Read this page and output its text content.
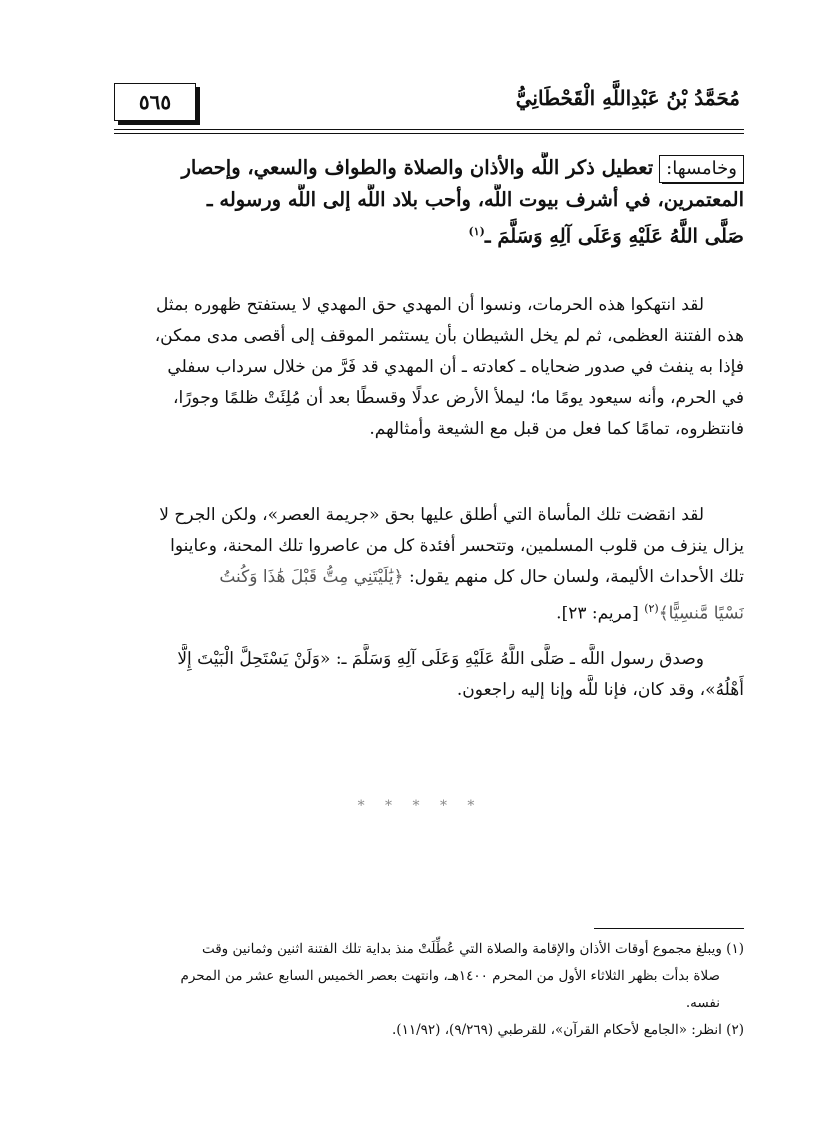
مُحَمَّدُ بْنُ عَبْدِاللَّهِ الْقَحْطَانِيُّ
٥٦٥
وخامسها:تعطيل ذكر اللَّه والأذان والصلاة والطواف والسعي، وإحصار
المعتمرين، في أشرف بيوت اللَّه، وأحب بلاد اللَّه إلى اللَّه ورسوله ـ
صَلَّى اللَّهُ عَلَيْهِ وَعَلَى آلِهِ وَسَلَّمَ ـ$^{(١)}$
لقد انتهكوا هذه الحرمات، ونسوا أن المهدي حق المهدي لا يستفتح ظهوره بمثل
هذه الفتنة العظمى، ثم لم يخل الشيطان بأن يستثمر الموقف إلى أقصى مدى ممكن،
فإذا به ينفث في صدور ضحاياه ـ كعادته ـ أن المهدي قد فَرَّ من خلال سرداب سفلي
في الحرم، وأنه سيعود يومًا ما؛ ليملأ الأرض عدلًا وقسطًا بعد أن مُلِئَتْ ظلمًا وجورًا،
فانتظروه، تمامًا كما فعل من قبل مع الشيعة وأمثالهم.
لقد انقضت تلك المأساة التي أطلق عليها بحق «جريمة العصر»، ولكن الجرح لا
يزال ينزف من قلوب المسلمين، وتتحسر أفئدة كل من عاصروا تلك المحنة، وعاينوا
تلك الأحداث الأليمة، ولسان حال كل منهم يقول: ﴿يَٰلَيْتَنِي مِتُّ قَبْلَ هَٰذَا وَكُنتُ
نَسْيًا مَّنسِيًّا﴾$^{(٢)}$ [مريم: ٢٣].
وصدق رسول اللَّه ـ صَلَّى اللَّهُ عَلَيْهِ وَعَلَى آلِهِ وَسَلَّمَ ـ: «وَلَنْ يَسْتَحِلَّ الْبَيْتَ إِلَّا
أَهْلُهُ»، وقد كان، فإنا للَّه وإنا إليه راجعون.
* * * * *
(١) ويبلغ مجموع أوقات الأذان والإقامة والصلاة التي عُطِّلَتْ منذ بداية تلك الفتنة اثنين وثمانين وقت
صلاة بدأت بظهر الثلاثاء الأول من المحرم ١٤٠٠هـ، وانتهت بعصر الخميس السابع عشر من المحرم
نفسه.
(٢) انظر: «الجامع لأحكام القرآن»، للقرطبي (٩/٢٦٩)، (١١/٩٢).
